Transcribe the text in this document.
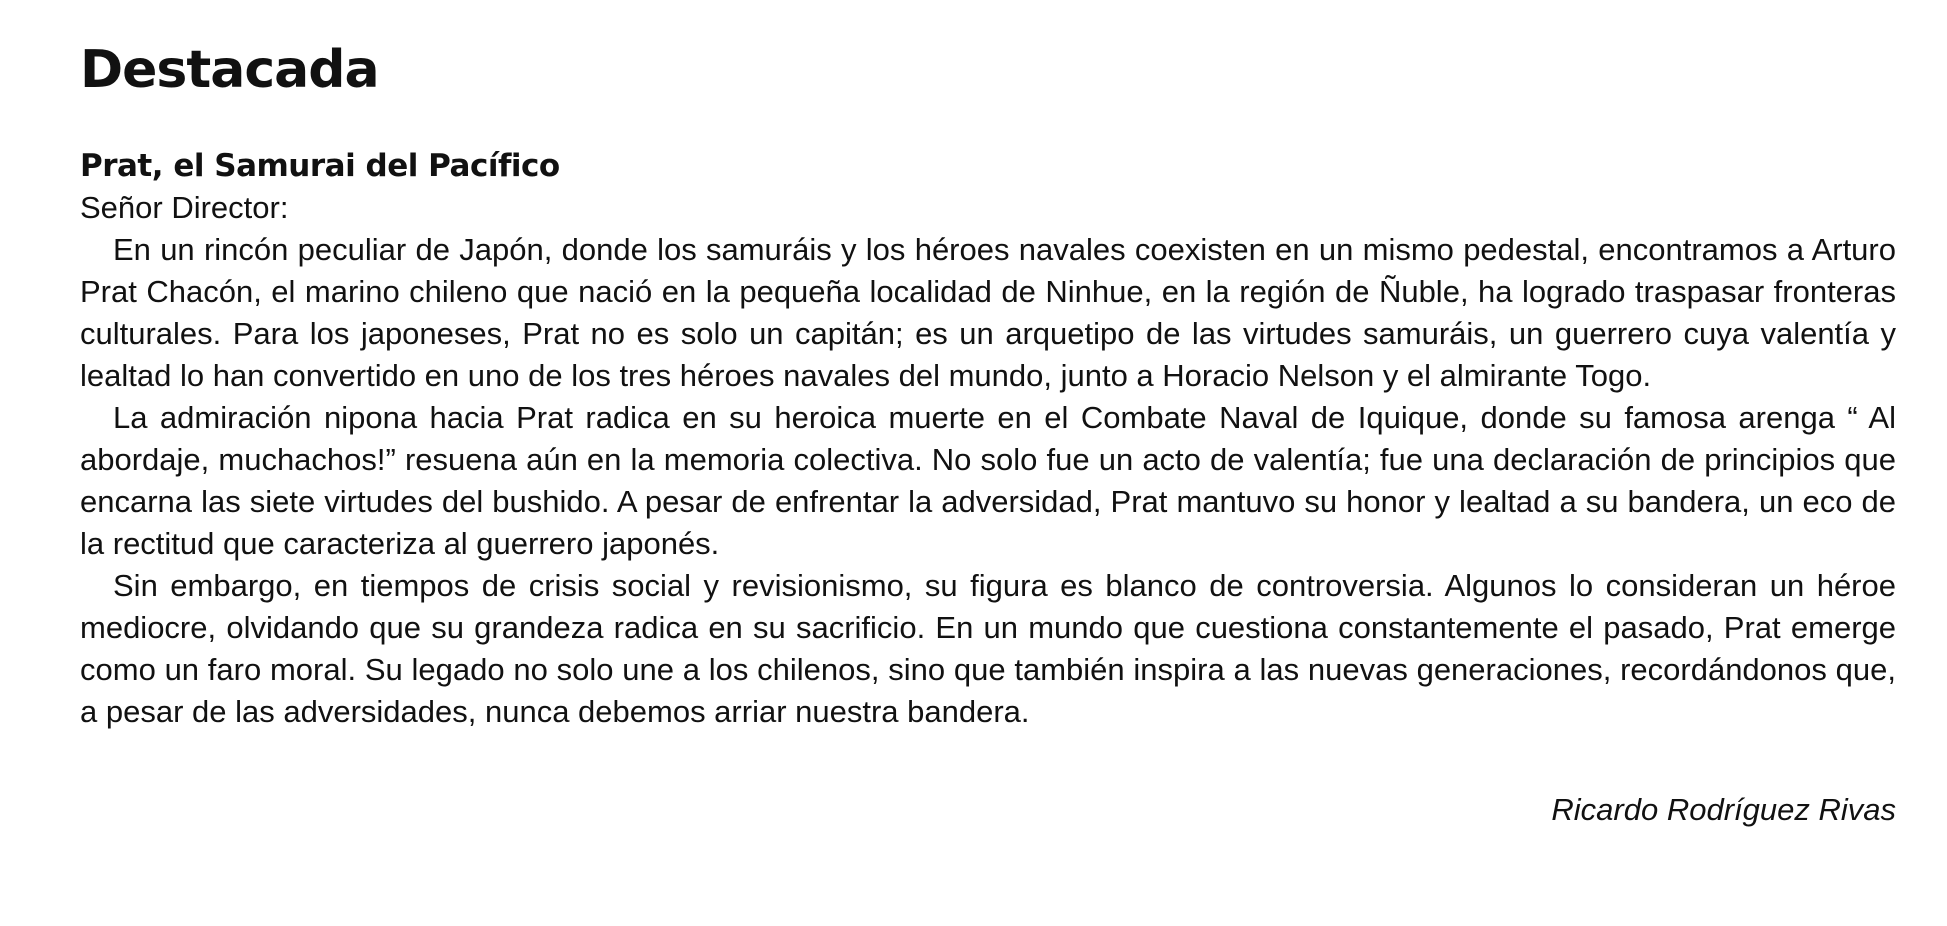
Destacada
Prat, el Samurai del Pacífico

Señor Director:

En un rincón peculiar de Japón, donde los samuráis y los héroes navales coexisten en un mismo pedestal, encontramos a Arturo Prat Chacón, el marino chileno que nació en la pequeña localidad de Ninhue, en la región de Ñuble, ha logrado traspasar fronteras culturales. Para los japoneses, Prat no es solo un capitán; es un arquetipo de las virtudes samuráis, un guerrero cuya valentía y lealtad lo han convertido en uno de los tres héroes navales del mundo, junto a Horacio Nelson y el almirante Togo.

La admiración nipona hacia Prat radica en su heroica muerte en el Combate Naval de Iquique, donde su famosa arenga “ Al abordaje, muchachos!” resuena aún en la memoria colectiva. No solo fue un acto de valentía; fue una declaración de principios que encarna las siete virtudes del bushido. A pesar de enfrentar la adversidad, Prat mantuvo su honor y lealtad a su bandera, un eco de la rectitud que caracteriza al guerrero japonés.

Sin embargo, en tiempos de crisis social y revisionismo, su figura es blanco de controversia. Algunos lo consideran un héroe mediocre, olvidando que su grandeza radica en su sacrificio. En un mundo que cuestiona constantemente el pasado, Prat emerge como un faro moral. Su legado no solo une a los chilenos, sino que también inspira a las nuevas generaciones, recordándonos que, a pesar de las adversidades, nunca debemos arriar nuestra bandera.

Ricardo Rodríguez Rivas
